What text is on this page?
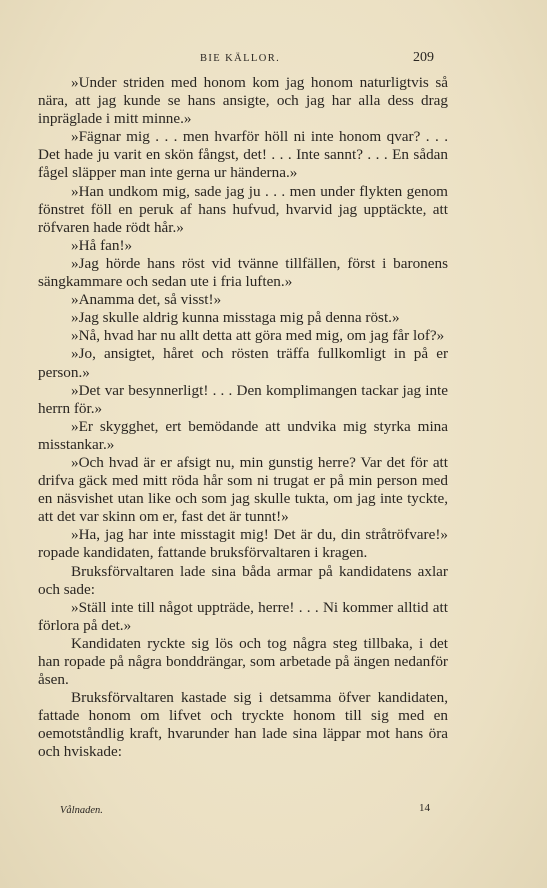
BIE KÄLLOR.	209

»Under striden med honom kom jag honom naturligtvis så nära, att jag kunde se hans ansigte, och jag har alla dess drag inpräglade i mitt minne.»

»Fägnar mig . . . men hvarför höll ni inte honom qvar? . . . Det hade ju varit en skön fångst, det! . . . Inte sannt? . . . En sådan fågel släpper man inte gerna ur händerna.»

»Han undkom mig, sade jag ju . . . men under flykten genom fönstret föll en peruk af hans hufvud, hvarvid jag upptäckte, att röfvaren hade rödt hår.»

»Hå fan!»

»Jag hörde hans röst vid tvänne tillfällen, först i baronens sängkammare och sedan ute i fria luften.»

»Anamma det, så visst!»

»Jag skulle aldrig kunna misstaga mig på denna röst.»

»Nå, hvad har nu allt detta att göra med mig, om jag får lof?»

»Jo, ansigtet, håret och rösten träffa fullkomligt in på er person.»

»Det var besynnerligt! . . . Den komplimangen tackar jag inte herrn för.»

»Er skygghet, ert bemödande att undvika mig styrka mina misstankar.»

»Och hvad är er afsigt nu, min gunstig herre? Var det för att drifva gäck med mitt röda hår som ni trugat er på min person med en näsvishet utan like och som jag skulle tukta, om jag inte tyckte, att det var skinn om er, fast det är tunnt!»

»Ha, jag har inte misstagit mig! Det är du, din stråtröfvare!» ropade kandidaten, fattande bruksförvaltaren i kragen.

Bruksförvaltaren lade sina båda armar på kandidatens axlar och sade:

»Ställ inte till något uppträde, herre! . . . Ni kommer alltid att förlora på det.»

Kandidaten ryckte sig lös och tog några steg tillbaka, i det han ropade på några bonddrängar, som arbetade på ängen nedanför åsen.

Bruksförvaltaren kastade sig i detsamma öfver kandidaten, fattade honom om lifvet och tryckte honom till sig med en oemotståndlig kraft, hvarunder han lade sina läppar mot hans öra och hviskade:

Vålnaden.	14
